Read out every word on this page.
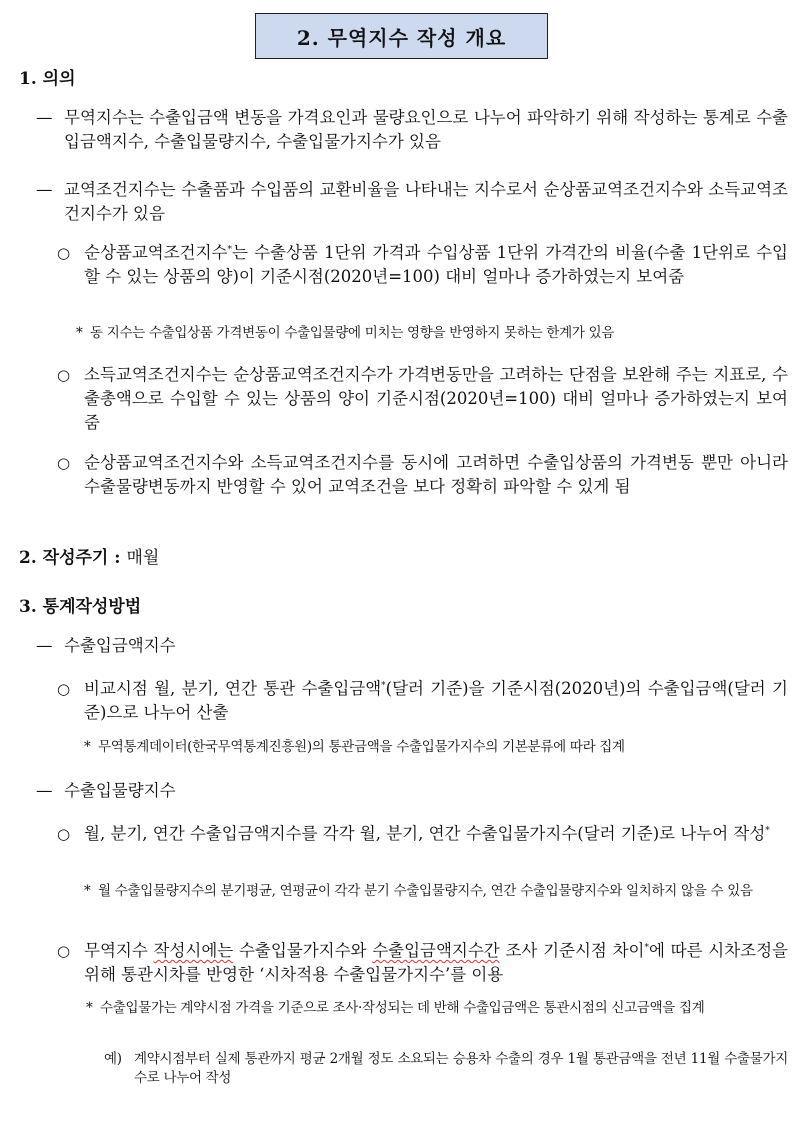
2. 무역지수 작성 개요
1. 의의
— 무역지수는 수출입금액 변동을 가격요인과 물량요인으로 나누어 파악하기 위해 작성하는 통계로 수출입금액지수, 수출입물량지수, 수출입물가지수가 있음
— 교역조건지수는 수출품과 수입품의 교환비율을 나타내는 지수로서 순상품교역조건지수와 소득교역조건지수가 있음
○ 순상품교역조건지수*는 수출상품 1단위 가격과 수입상품 1단위 가격간의 비율(수출 1단위로 수입할 수 있는 상품의 양)이 기준시점(2020년=100) 대비 얼마나 증가하였는지 보여줌
* 동 지수는 수출입상품 가격변동이 수출입물량에 미치는 영향을 반영하지 못하는 한계가 있음
○ 소득교역조건지수는 순상품교역조건지수가 가격변동만을 고려하는 단점을 보완해 주는 지표로, 수출총액으로 수입할 수 있는 상품의 양이 기준시점(2020년=100) 대비 얼마나 증가하였는지 보여줌
○ 순상품교역조건지수와 소득교역조건지수를 동시에 고려하면 수출입상품의 가격변동 뿐만 아니라 수출물량변동까지 반영할 수 있어 교역조건을 보다 정확히 파악할 수 있게 됨
2. 작성주기 : 매월
3. 통계작성방법
— 수출입금액지수
○ 비교시점 월, 분기, 연간 통관 수출입금액*(달러 기준)을 기준시점(2020년)의 수출입금액(달러 기준)으로 나누어 산출
* 무역통계데이터(한국무역통계진흥원)의 통관금액을 수출입물가지수의 기본분류에 따라 집계
— 수출입물량지수
○ 월, 분기, 연간 수출입금액지수를 각각 월, 분기, 연간 수출입물가지수(달러 기준)로 나누어 작성*
* 월 수출입물량지수의 분기평균, 연평균이 각각 분기 수출입물량지수, 연간 수출입물량지수와 일치하지 않을 수 있음
○ 무역지수 작성시에는 수출입물가지수와 수출입금액지수간 조사 기준시점 차이*에 따른 시차조정을 위해 통관시차를 반영한 ‘시차적용 수출입물가지수’를 이용
* 수출입물가는 계약시점 가격을 기준으로 조사·작성되는 데 반해 수출입금액은 통관시점의 신고금액을 집계
예) 계약시점부터 실제 통관까지 평균 2개월 정도 소요되는 승용차 수출의 경우 1월 통관금액을 전년 11월 수출물가지수로 나누어 작성
